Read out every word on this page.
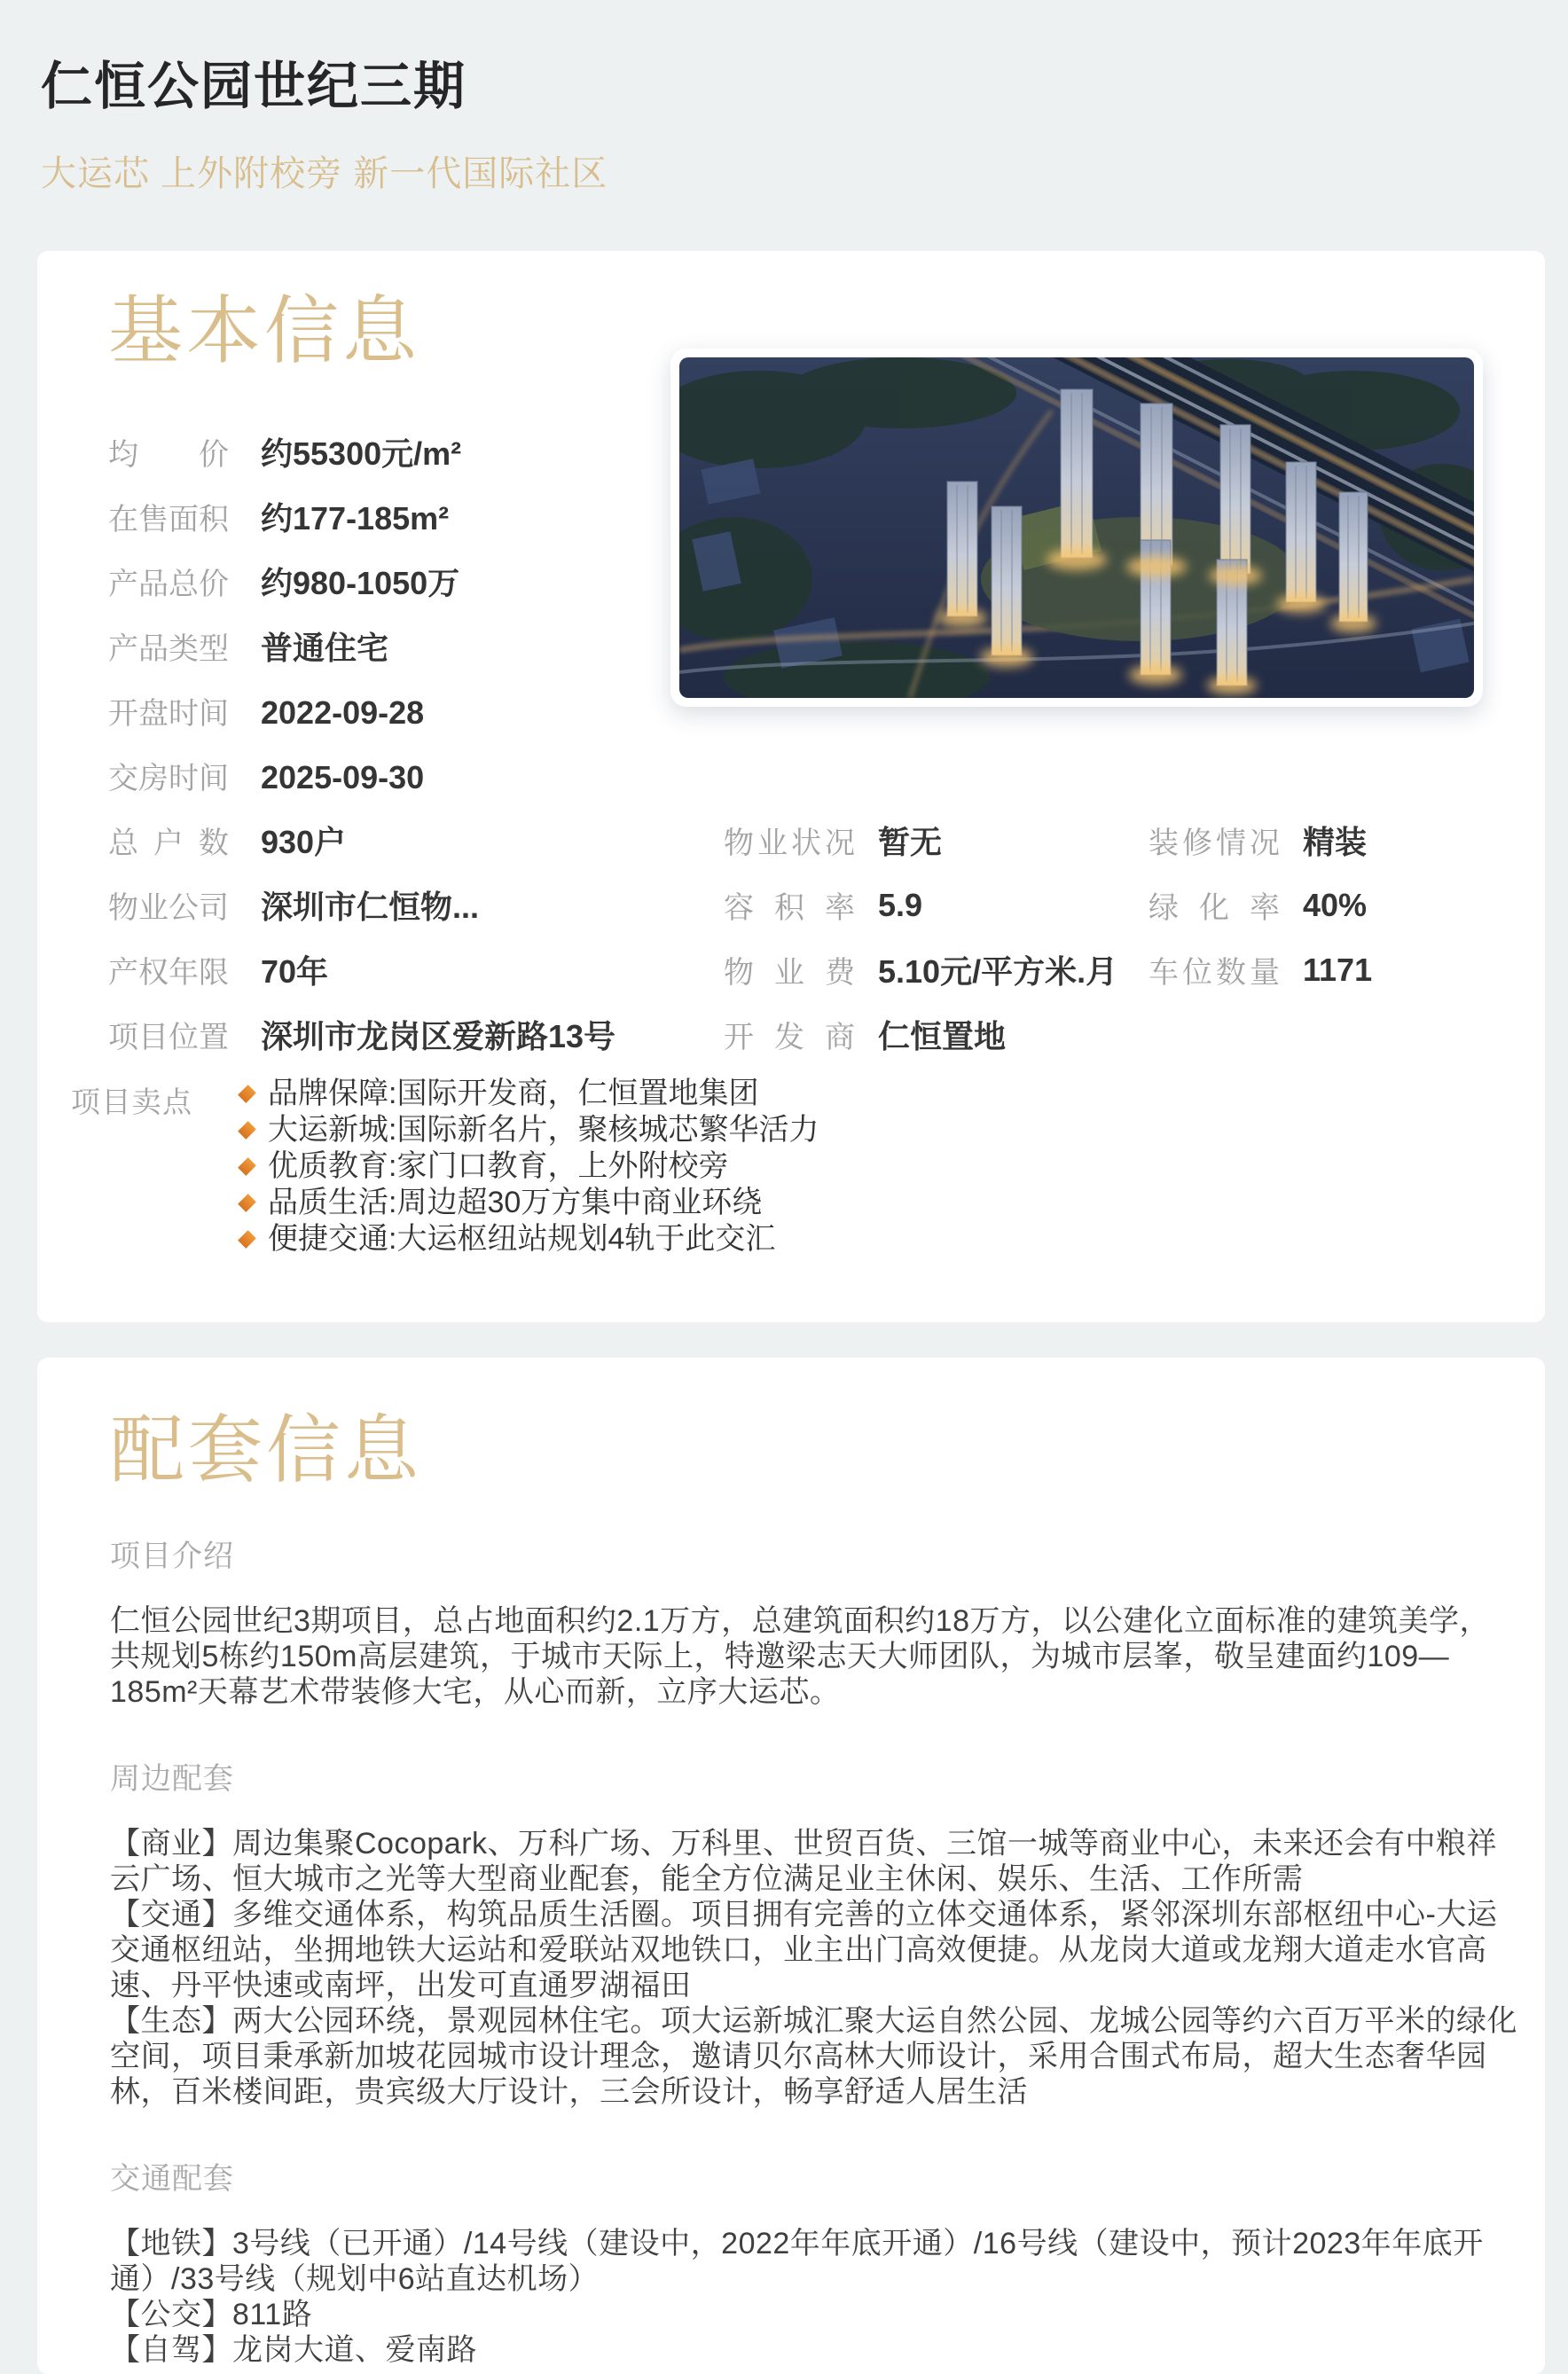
仁恒公园世纪三期
大运芯 上外附校旁 新一代国际社区
基本信息
均价 约55300元/m²
在售面积 约177-185m²
产品总价 约980-1050万
产品类型 普通住宅
开盘时间 2022-09-28
交房时间 2025-09-30
总户数 930户	物业状况 暂无	装修情况 精装
物业公司 深圳市仁恒物...	容积率 5.9	绿化率 40%
产权年限 70年	物业费 5.10元/平方米.月 车位数量 1171
项目位置 深圳市龙岗区爱新路13号	开发商 仁恒置地
项目卖点	品牌保障:国际开发商，仁恒置地集团
大运新城:国际新名片，聚核城芯繁华活力
优质教育:家门口教育，上外附校旁
品质生活:周边超30万方集中商业环绕
便捷交通:大运枢纽站规划4轨于此交汇
配套信息
项目介绍

仁恒公园世纪3期项目，总占地面积约2.1万方，总建筑面积约18万方，以公建化立面标准的建筑美学，共规划5栋约150m高层建筑，于城市天际上，特邀梁志天大师团队，为城市层峯，敬呈建面约109—185m²天幕艺术带装修大宅，从心而新，立序大运芯。

周边配套

【商业】周边集聚Cocopark、万科广场、万科里、世贸百货、三馆一城等商业中心，未来还会有中粮祥云广场、恒大城市之光等大型商业配套，能全方位满足业主休闲、娱乐、生活、工作所需

【交通】多维交通体系，构筑品质生活圈。项目拥有完善的立体交通体系，紧邻深圳东部枢纽中心-大运交通枢纽站，坐拥地铁大运站和爱联站双地铁口，业主出门高效便捷。从龙岗大道或龙翔大道走水官高速、丹平快速或南坪，出发可直通罗湖福田

【生态】两大公园环绕，景观园林住宅。项大运新城汇聚大运自然公园、龙城公园等约六百万平米的绿化空间，项目秉承新加坡花园城市设计理念，邀请贝尔高林大师设计，采用合围式布局，超大生态奢华园林，百米楼间距，贵宾级大厅设计，三会所设计，畅享舒适人居生活

交通配套

【地铁】3号线（已开通）/14号线（建设中，2022年年底开通）/16号线（建设中，预计2023年年底开通）/33号线（规划中6站直达机场）

【公交】811路

【自驾】龙岗大道、爱南路
